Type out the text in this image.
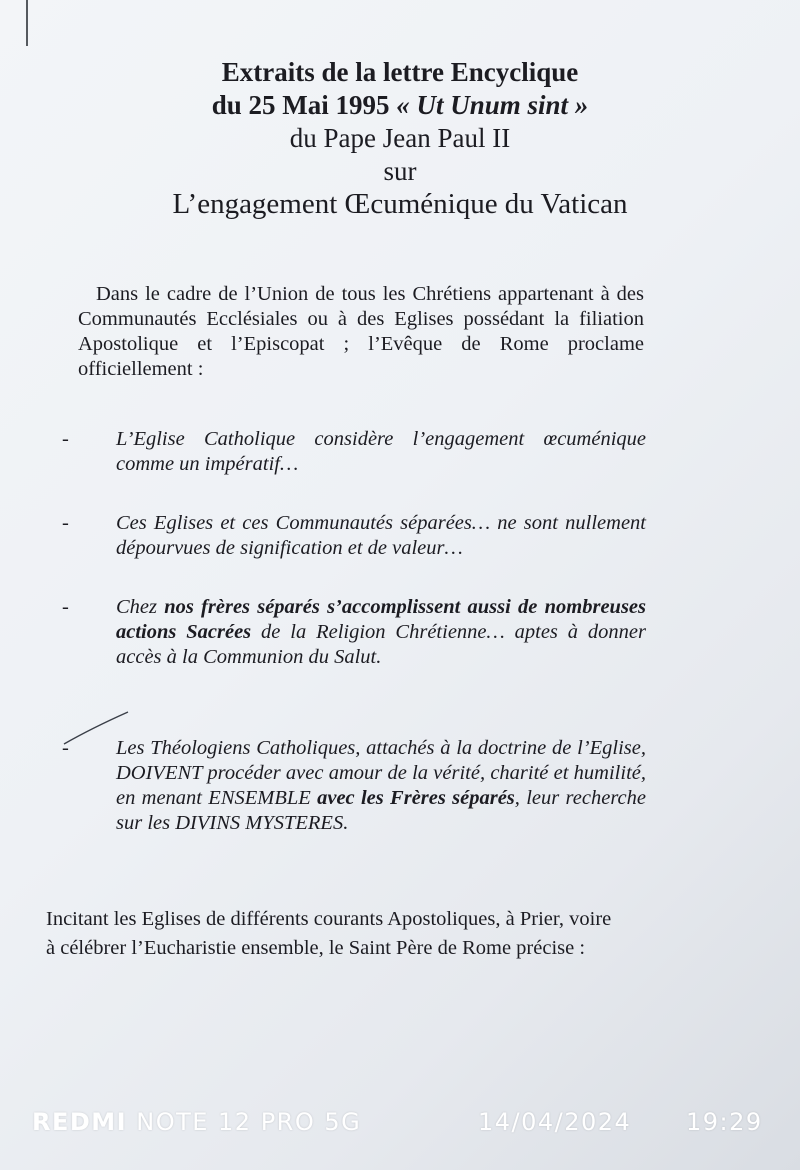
Extraits de la lettre Encyclique
du 25 Mai 1995 « Ut Unum sint »
du Pape Jean Paul II
sur
L’engagement Œcuménique du Vatican
Dans le cadre de l’Union de tous les Chrétiens appartenant à des Communautés Ecclésiales ou à des Eglises possédant la filiation Apostolique et l’Episcopat ; l’Evêque de Rome proclame officiellement :
- L’Eglise Catholique considère l’engagement œcuménique comme un impératif…
- Ces Eglises et ces Communautés séparées… ne sont nullement dépourvues de signification et de valeur…
- Chez nos frères séparés s’accomplissent aussi de nombreuses actions Sacrées de la Religion Chrétienne… aptes à donner accès à la Communion du Salut.
- Les Théologiens Catholiques, attachés à la doctrine de l’Eglise, DOIVENT procéder avec amour de la vérité, charité et humilité, en menant ENSEMBLE avec les Frères séparés, leur recherche sur les DIVINS MYSTERES.
Incitant les Eglises de différents courants Apostoliques, à Prier, voire à célébrer l’Eucharistie ensemble, le Saint Père de Rome précise :
REDMI NOTE 12 PRO 5G	14/04/2024 19:29
